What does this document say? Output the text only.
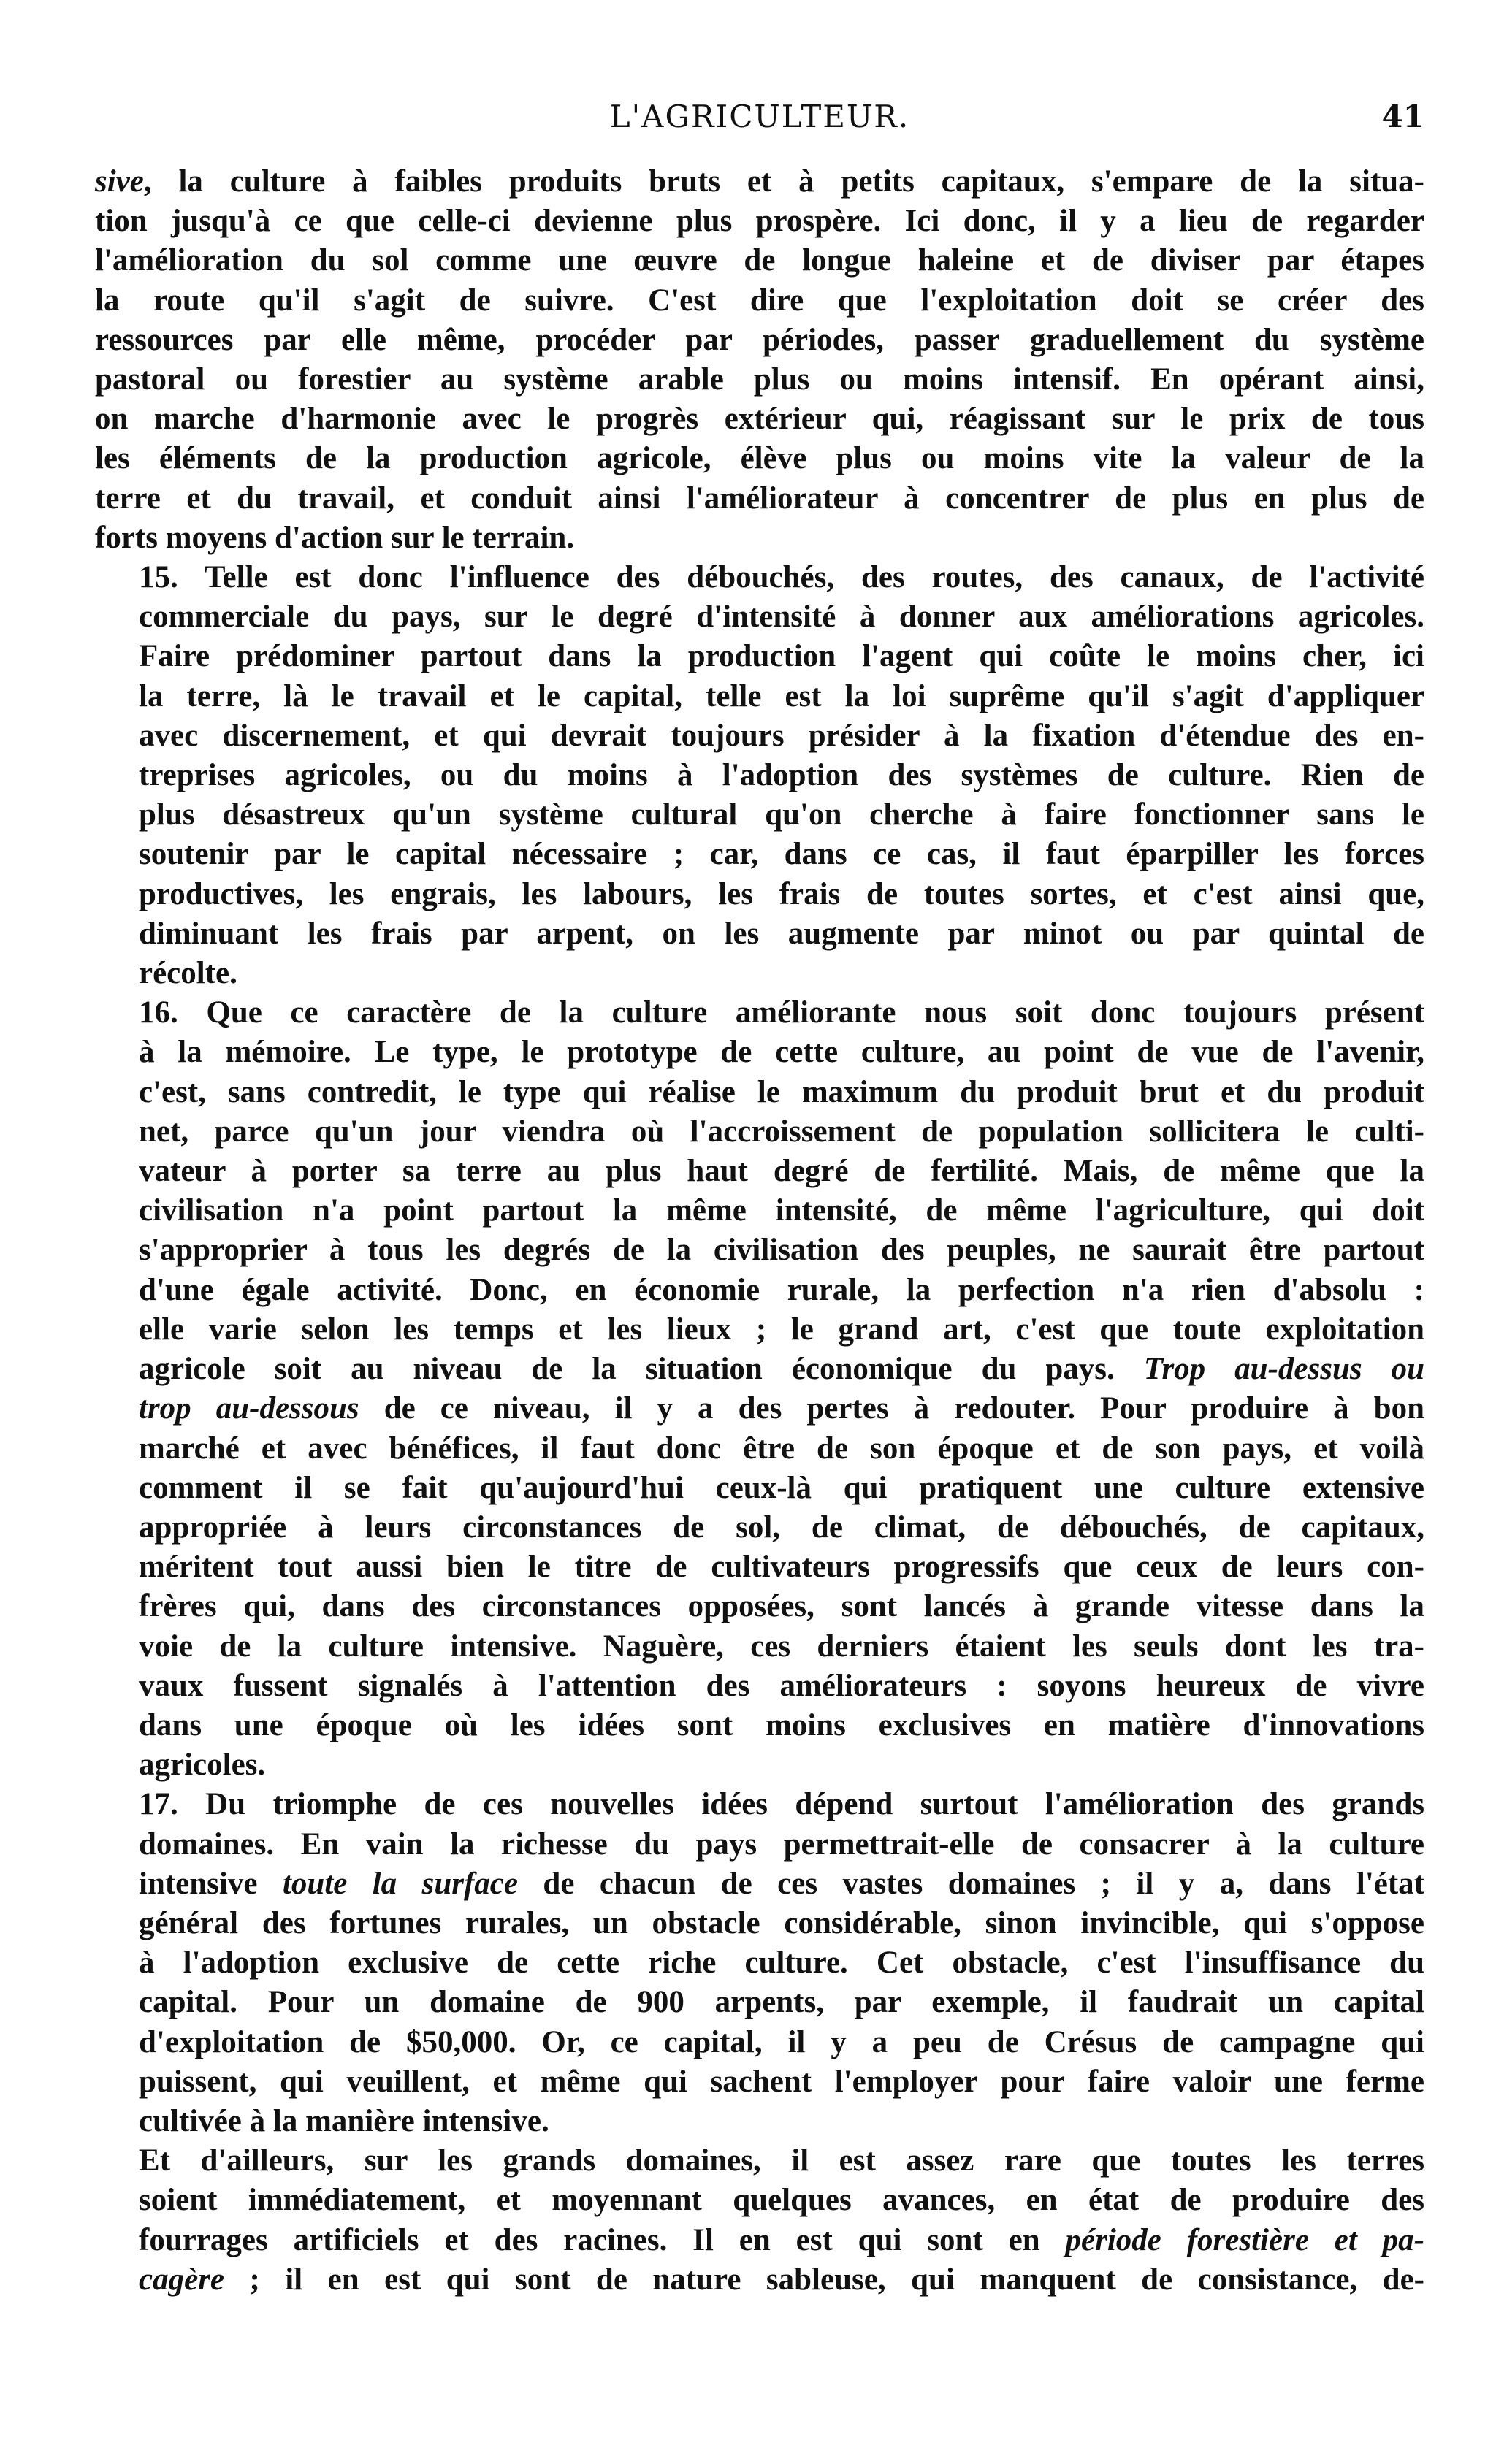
L'AGRICULTEUR.	41

sive, la culture à faibles produits bruts et à petits capitaux, s'empare de la situa-
tion jusqu'à ce que celle-ci devienne plus prospère. Ici donc, il y a lieu de regarder
l'amélioration du sol comme une œuvre de longue haleine et de diviser par étapes
la route qu'il s'agit de suivre. C'est dire que l'exploitation doit se créer des
ressources par elle même, procéder par périodes, passer graduellement du système
pastoral ou forestier au système arable plus ou moins intensif. En opérant ainsi,
on marche d'harmonie avec le progrès extérieur qui, réagissant sur le prix de tous
les éléments de la production agricole, élève plus ou moins vite la valeur de la
terre et du travail, et conduit ainsi l'améliorateur à concentrer de plus en plus de
forts moyens d'action sur le terrain.

15. Telle est donc l'influence des débouchés, des routes, des canaux, de l'activité
commerciale du pays, sur le degré d'intensité à donner aux améliorations agricoles.
Faire prédominer partout dans la production l'agent qui coûte le moins cher, ici
la terre, là le travail et le capital, telle est la loi suprême qu'il s'agit d'appliquer
avec discernement, et qui devrait toujours présider à la fixation d'étendue des en-
treprises agricoles, ou du moins à l'adoption des systèmes de culture. Rien de
plus désastreux qu'un système cultural qu'on cherche à faire fonctionner sans le
soutenir par le capital nécessaire ; car, dans ce cas, il faut éparpiller les forces
productives, les engrais, les labours, les frais de toutes sortes, et c'est ainsi que,
diminuant les frais par arpent, on les augmente par minot ou par quintal de
récolte.

16. Que ce caractère de la culture améliorante nous soit donc toujours présent
à la mémoire. Le type, le prototype de cette culture, au point de vue de l'avenir,
c'est, sans contredit, le type qui réalise le maximum du produit brut et du produit
net, parce qu'un jour viendra où l'accroissement de population sollicitera le culti-
vateur à porter sa terre au plus haut degré de fertilité. Mais, de même que la
civilisation n'a point partout la même intensité, de même l'agriculture, qui doit
s'approprier à tous les degrés de la civilisation des peuples, ne saurait être partout
d'une égale activité. Donc, en économie rurale, la perfection n'a rien d'absolu :
elle varie selon les temps et les lieux ; le grand art, c'est que toute exploitation
agricole soit au niveau de la situation économique du pays. Trop au-dessus ou
trop au-dessous de ce niveau, il y a des pertes à redouter. Pour produire à bon
marché et avec bénéfices, il faut donc être de son époque et de son pays, et voilà
comment il se fait qu'aujourd'hui ceux-là qui pratiquent une culture extensive
appropriée à leurs circonstances de sol, de climat, de débouchés, de capitaux,
méritent tout aussi bien le titre de cultivateurs progressifs que ceux de leurs con-
frères qui, dans des circonstances opposées, sont lancés à grande vitesse dans la
voie de la culture intensive. Naguère, ces derniers étaient les seuls dont les tra-
vaux fussent signalés à l'attention des améliorateurs : soyons heureux de vivre
dans une époque où les idées sont moins exclusives en matière d'innovations
agricoles.

17. Du triomphe de ces nouvelles idées dépend surtout l'amélioration des grands
domaines. En vain la richesse du pays permettrait-elle de consacrer à la culture
intensive toute la surface de chacun de ces vastes domaines ; il y a, dans l'état
général des fortunes rurales, un obstacle considérable, sinon invincible, qui s'oppose
à l'adoption exclusive de cette riche culture. Cet obstacle, c'est l'insuffisance du
capital. Pour un domaine de 900 arpents, par exemple, il faudrait un capital
d'exploitation de $50,000. Or, ce capital, il y a peu de Crésus de campagne qui
puissent, qui veuillent, et même qui sachent l'employer pour faire valoir une ferme
cultivée à la manière intensive.

Et d'ailleurs, sur les grands domaines, il est assez rare que toutes les terres
soient immédiatement, et moyennant quelques avances, en état de produire des
fourrages artificiels et des racines. Il en est qui sont en période forestière et pa-
cagère ; il en est qui sont de nature sableuse, qui manquent de consistance, de-
